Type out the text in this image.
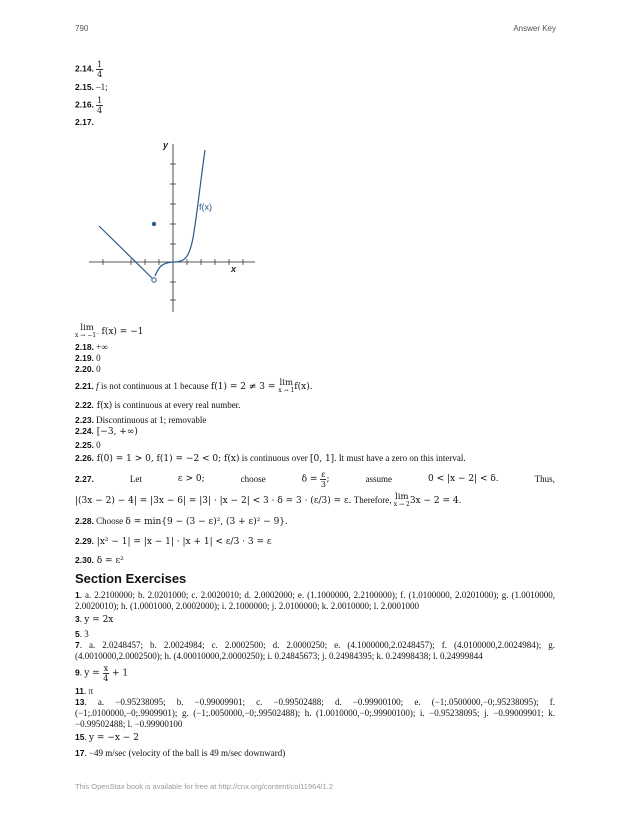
790	Answer Key
2.14. $\frac{1}{4}$
2.15. –1;
2.16. $\frac{1}{4}$
2.17.
y
x
f(x)
lim
x → −1⁻ f(x) = −1
2.18. +∞
2.19. 0
2.20. 0
2.21. f is not continuous at 1 because f(1) = 2 ≠ 3 = lim
x → 1 f(x).
2.22. f(x) is continuous at every real number.
2.23. Discontinuous at 1; removable
2.24. [−3, +∞)
2.25. 0
2.26. f(0) = 1 > 0, f(1) = −2 < 0; f(x) is continuous over [0, 1]. It must have a zero on this interval.
2.27.	Let	ε > 0;	choose	$\delta = \frac{\varepsilon}{3}$ ;	assume	0 < |x − 2| < δ.	Thus,
|(3x − 2) − 4| = |3x − 6| = |3| · |x − 2| < 3 · δ = 3 · (ε/3) = ε. Therefore, lim
x → 2 3x − 2 = 4.
2.28. Choose δ = min{9 − (3 − ε)², (3 + ε)² − 9}.
2.29. |x² − 1| = |x − 1| · |x + 1| < ε/3 · 3 = ε
2.30. δ = ε²
Section Exercises
1. a. 2.2100000; b. 2.0201000; c. 2.0020010; d. 2.0002000; e. (1.1000000, 2.2100000); f. (1.0100000, 2.0201000); g. (1.0010000, 2.0020010); h. (1.0001000, 2.0002000); i. 2.1000000; j. 2.0100000; k. 2.0010000; l. 2.0001000
3. y = 2x
5. 3
7. a. 2.0248457; b. 2.0024984; c. 2.0002500; d. 2.0000250; e. (4.1000000,2.0248457); f. (4.0100000,2.0024984); g. (4.0010000,2.0002500); h. (4.00010000,2.0000250); i. 0.24845673; j. 0.24984395; k. 0.24998438; l. 0.24999844
9. $y = \frac{x}{4} + 1$
11. π
13. a. −0.95238095; b. −0.99009901; c. −0.99502488; d. −0.99900100; e. (−1;.0500000,−0;.95238095); f. (−1;.0100000,−0;.9909901); g. (−1;.0050000,−0;.99502488); h. (1.0010000,−0;.99900100); i. −0.95238095; j. −0.99009901; k. −0.99502488; l. −0.99900100
15. y = −x − 2
17. −49 m/sec (velocity of the ball is 49 m/sec downward)
This OpenStax book is available for free at http://cnx.org/content/col11964/1.2
